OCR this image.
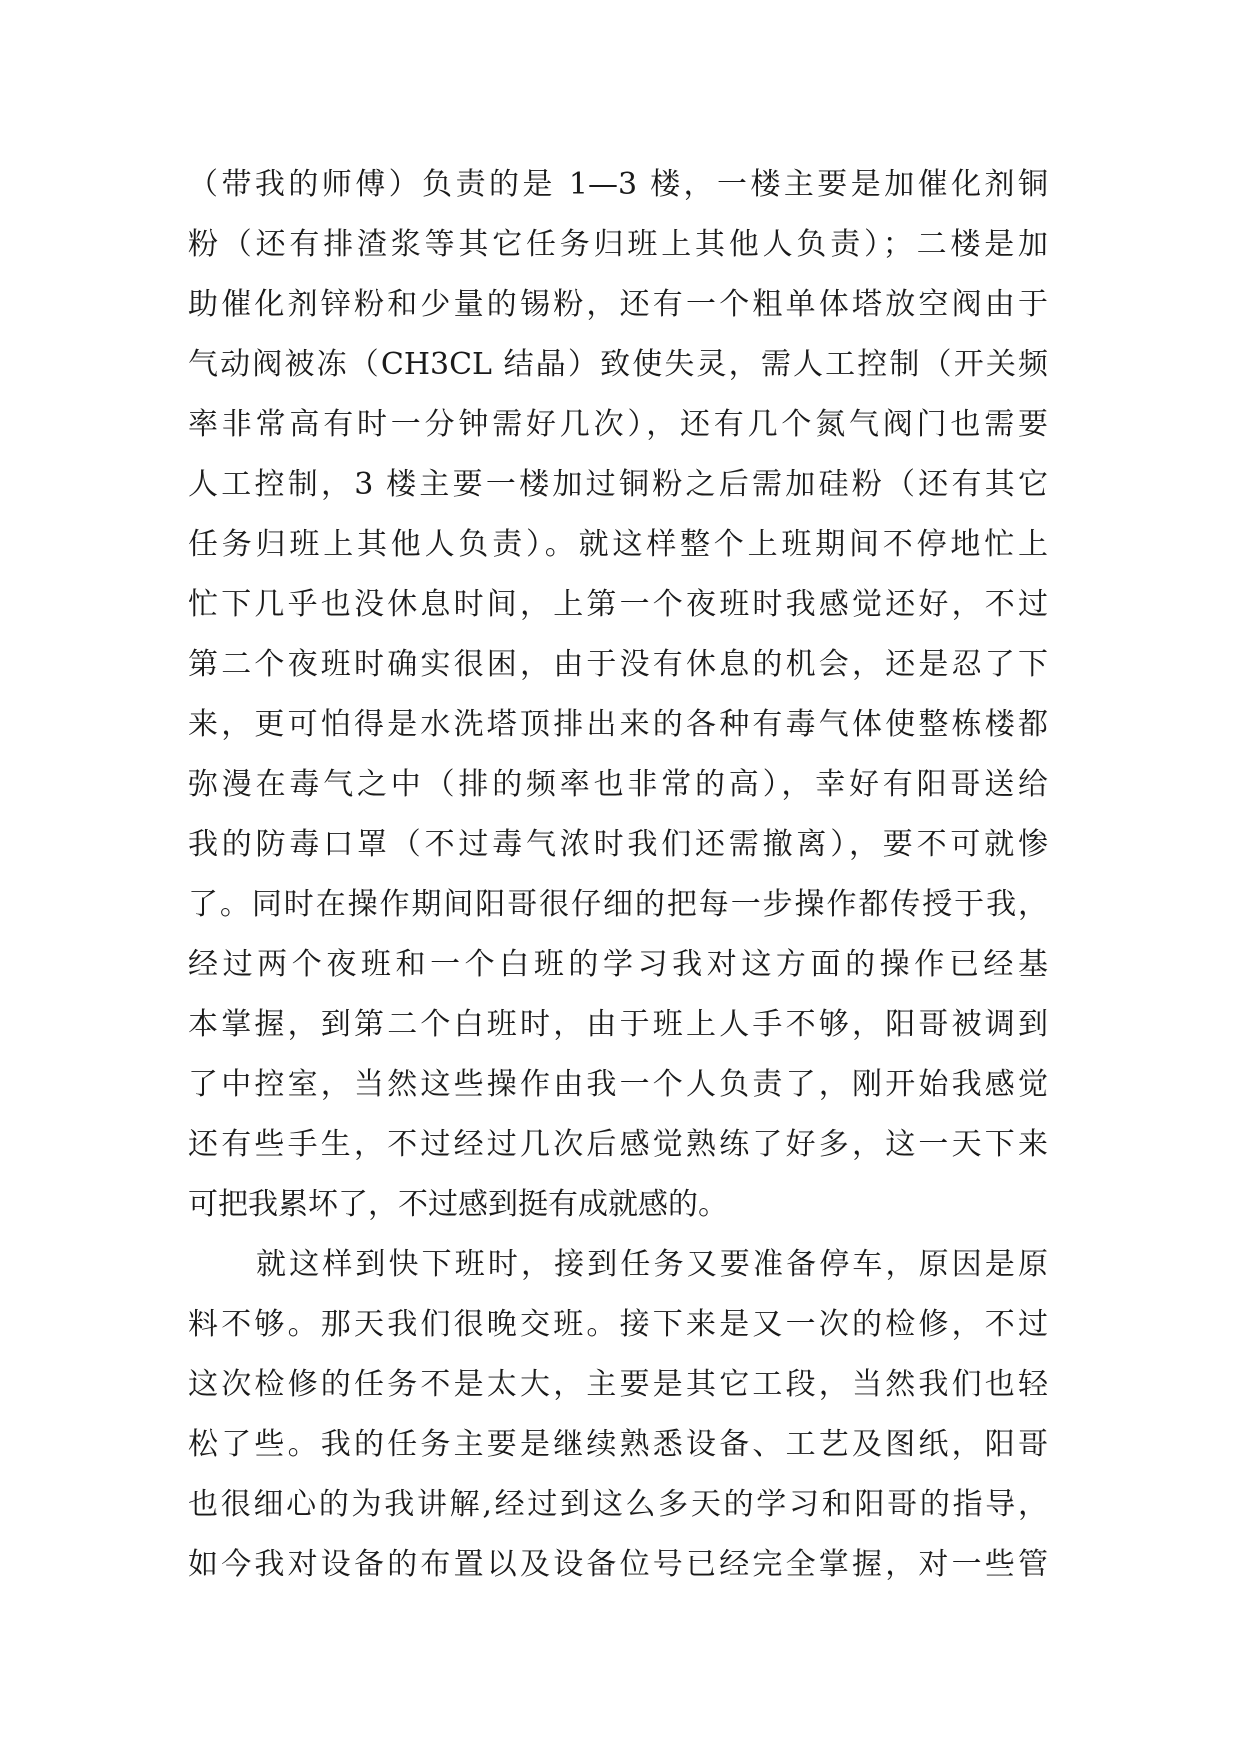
（带我的师傅）负责的是 1—3 楼，一楼主要是加催化剂铜
粉（还有排渣浆等其它任务归班上其他人负责）；二楼是加
助催化剂锌粉和少量的锡粉，还有一个粗单体塔放空阀由于
气动阀被冻（CH3CL 结晶）致使失灵，需人工控制（开关频
率非常高有时一分钟需好几次），还有几个氮气阀门也需要
人工控制，3 楼主要一楼加过铜粉之后需加硅粉（还有其它
任务归班上其他人负责）。就这样整个上班期间不停地忙上
忙下几乎也没休息时间，上第一个夜班时我感觉还好，不过
第二个夜班时确实很困，由于没有休息的机会，还是忍了下
来，更可怕得是水洗塔顶排出来的各种有毒气体使整栋楼都
弥漫在毒气之中（排的频率也非常的高），幸好有阳哥送给
我的防毒口罩（不过毒气浓时我们还需撤离），要不可就惨
了。同时在操作期间阳哥很仔细的把每一步操作都传授于我，
经过两个夜班和一个白班的学习我对这方面的操作已经基
本掌握，到第二个白班时，由于班上人手不够，阳哥被调到
了中控室，当然这些操作由我一个人负责了，刚开始我感觉
还有些手生，不过经过几次后感觉熟练了好多，这一天下来
可把我累坏了，不过感到挺有成就感的。
就这样到快下班时，接到任务又要准备停车，原因是原
料不够。那天我们很晚交班。接下来是又一次的检修，不过
这次检修的任务不是太大，主要是其它工段，当然我们也轻
松了些。我的任务主要是继续熟悉设备、工艺及图纸，阳哥
也很细心的为我讲解,经过到这么多天的学习和阳哥的指导，
如今我对设备的布置以及设备位号已经完全掌握，对一些管
